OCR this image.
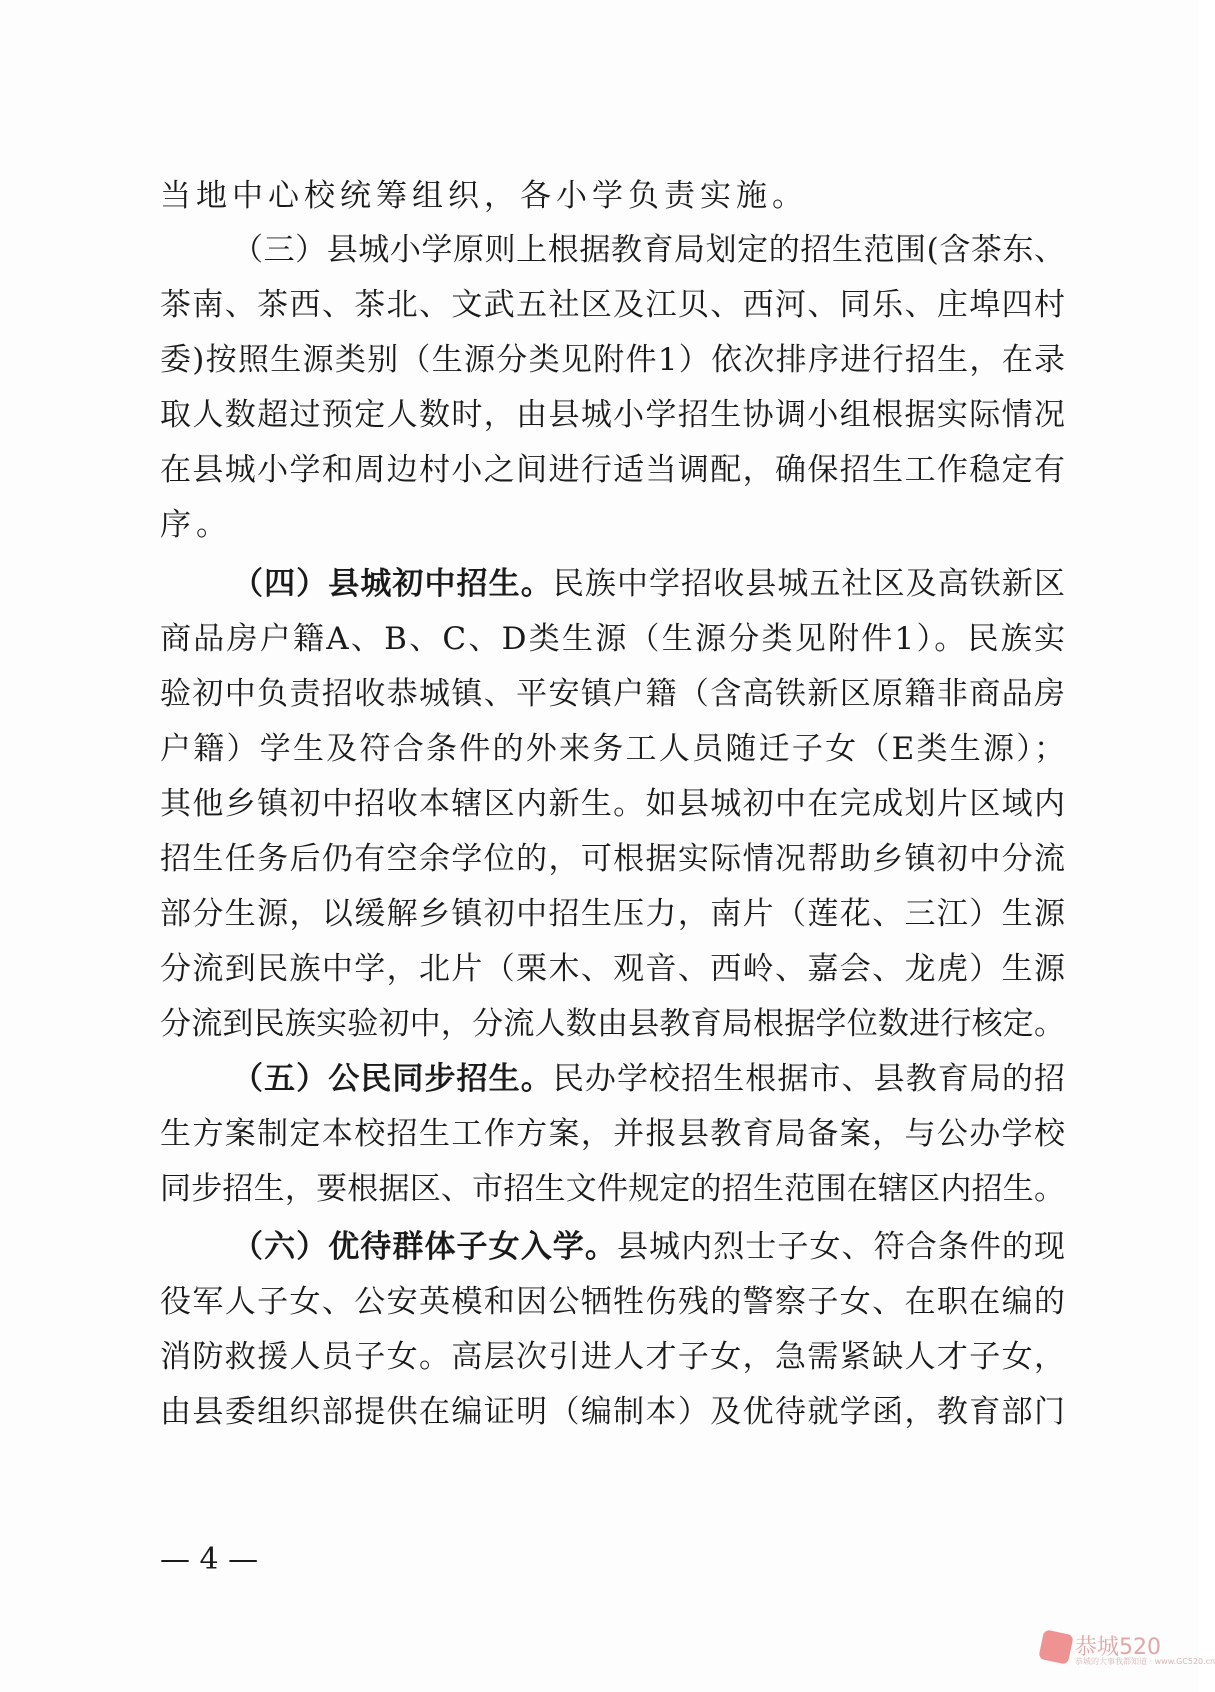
当地中心校统筹组织，各小学负责实施。
（三）县城小学原则上根据教育局划定的招生范围(含茶东、
茶南、茶西、茶北、文武五社区及江贝、西河、同乐、庄埠四村
委)按照生源类别（生源分类见附件1）依次排序进行招生，在录
取人数超过预定人数时，由县城小学招生协调小组根据实际情况
在县城小学和周边村小之间进行适当调配，确保招生工作稳定有
序。
（四）县城初中招生。民族中学招收县城五社区及高铁新区
商品房户籍A、B、C、D类生源（生源分类见附件1）。民族实
验初中负责招收恭城镇、平安镇户籍（含高铁新区原籍非商品房
户籍）学生及符合条件的外来务工人员随迁子女（E类生源）；
其他乡镇初中招收本辖区内新生。如县城初中在完成划片区域内
招生任务后仍有空余学位的，可根据实际情况帮助乡镇初中分流
部分生源，以缓解乡镇初中招生压力，南片（莲花、三江）生源
分流到民族中学，北片（栗木、观音、西岭、嘉会、龙虎）生源
分流到民族实验初中，分流人数由县教育局根据学位数进行核定。
（五）公民同步招生。民办学校招生根据市、县教育局的招
生方案制定本校招生工作方案，并报县教育局备案，与公办学校
同步招生，要根据区、市招生文件规定的招生范围在辖区内招生。
（六）优待群体子女入学。县城内烈士子女、符合条件的现
役军人子女、公安英模和因公牺牲伤残的警察子女、在职在编的
消防救援人员子女。高层次引进人才子女，急需紧缺人才子女，
由县委组织部提供在编证明（编制本）及优待就学函，教育部门
— 4 —
恭城520
恭城的大事我都知道 · www.GC520.cn
